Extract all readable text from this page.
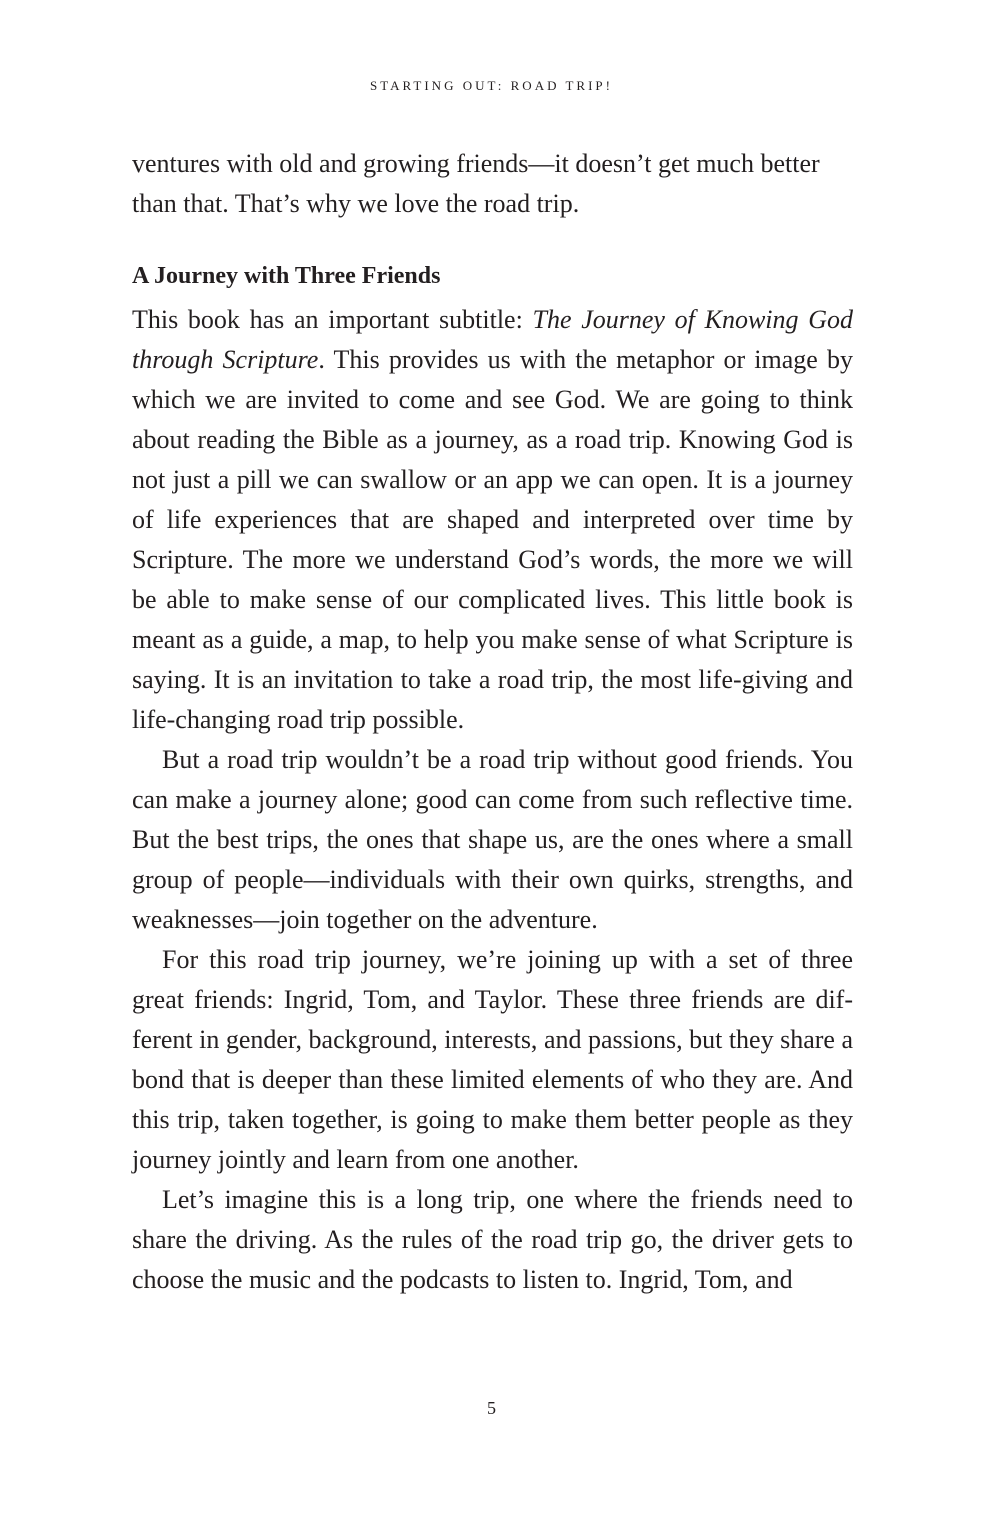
STARTING OUT: ROAD TRIP!

ventures with old and growing friends—it doesn’t get much better than that. That’s why we love the road trip.

A Journey with Three Friends

This book has an important subtitle: The Journey of Knowing God through Scripture. This provides us with the metaphor or image by which we are invited to come and see God. We are going to think about reading the Bible as a journey, as a road trip. Knowing God is not just a pill we can swallow or an app we can open. It is a journey of life experiences that are shaped and interpreted over time by Scripture. The more we understand God’s words, the more we will be able to make sense of our complicated lives. This little book is meant as a guide, a map, to help you make sense of what Scripture is saying. It is an invitation to take a road trip, the most life-giving and life-changing road trip possible.

But a road trip wouldn’t be a road trip without good friends. You can make a journey alone; good can come from such reflective time. But the best trips, the ones that shape us, are the ones where a small group of people—individuals with their own quirks, strengths, and weaknesses—join together on the adventure.

For this road trip journey, we’re joining up with a set of three great friends: Ingrid, Tom, and Taylor. These three friends are different in gender, background, interests, and passions, but they share a bond that is deeper than these limited elements of who they are. And this trip, taken together, is going to make them better people as they journey jointly and learn from one another.

Let’s imagine this is a long trip, one where the friends need to share the driving. As the rules of the road trip go, the driver gets to choose the music and the podcasts to listen to. Ingrid, Tom, and

5
